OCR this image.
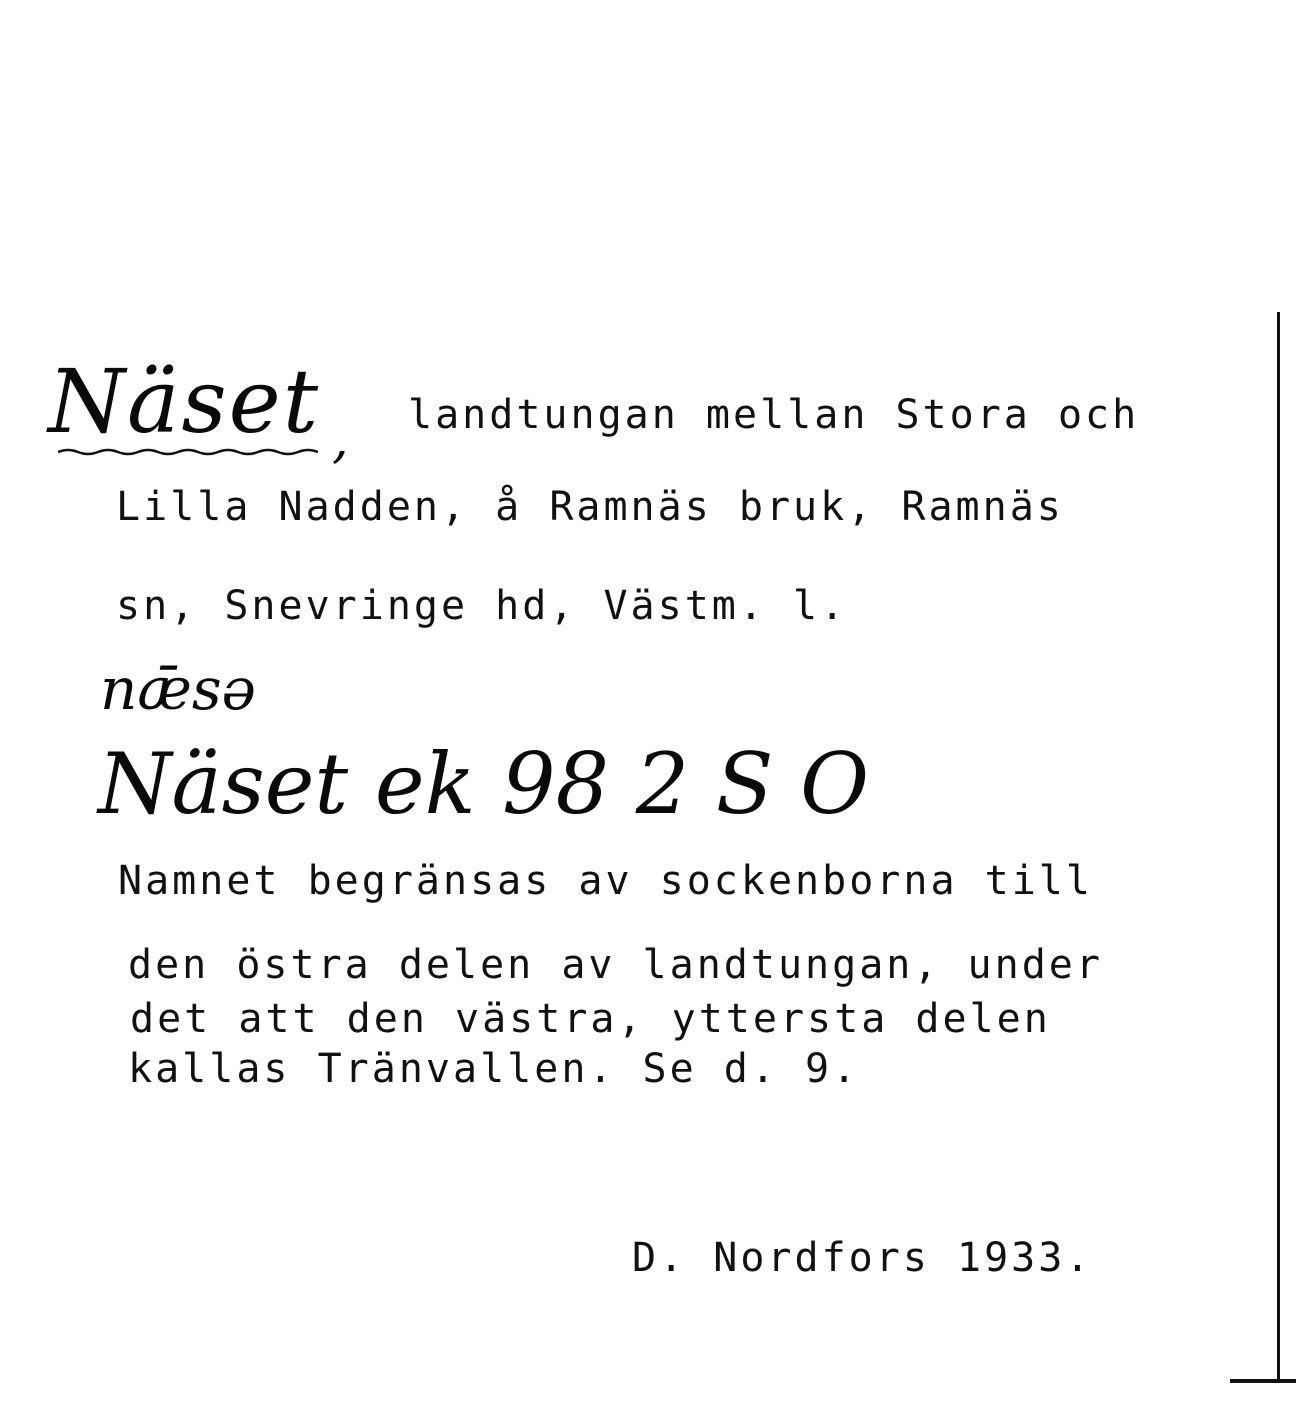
Näset , landtungan mellan Stora och
Lilla Nadden, å Ramnäs bruk, Ramnäs
sn, Snevringe hd, Västm. l.
nǣsə
Näset ek 98 2 S O
Namnet begränsas av sockenborna till
den östra delen av landtungan, under
det att den västra, yttersta delen
kallas Tränvallen. Se d. 9.
D. Nordfors 1933.
